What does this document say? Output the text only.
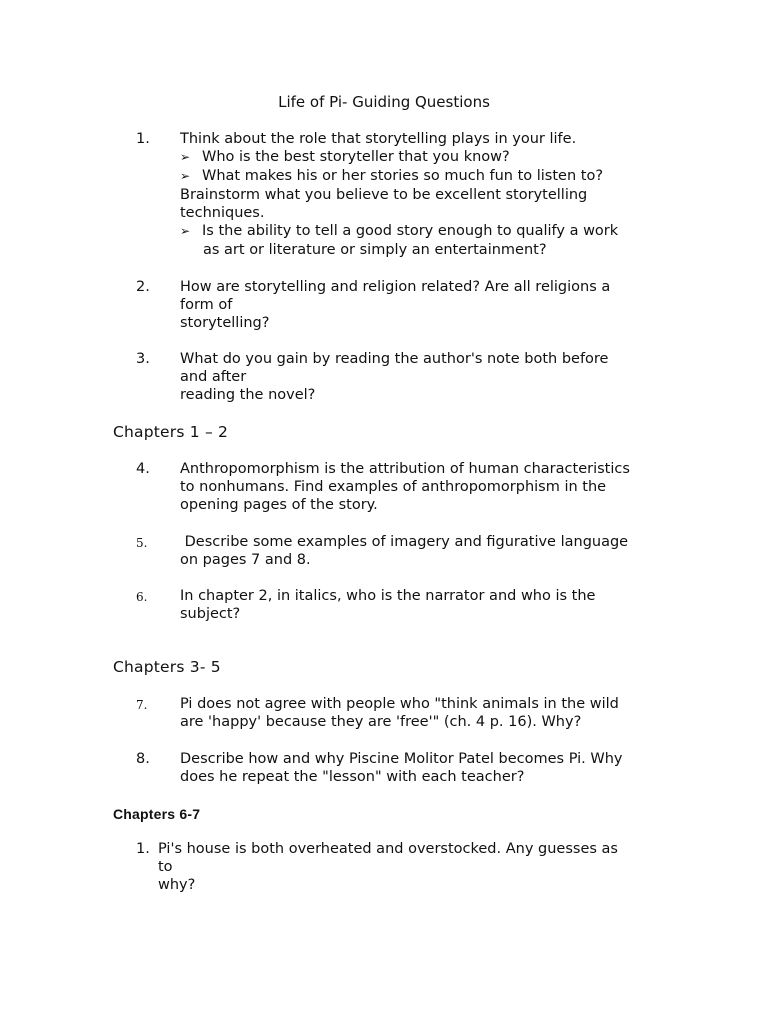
Life of Pi- Guiding Questions
1. Think about the role that storytelling plays in your life.
➢ Who is the best storyteller that you know?
➢ What makes his or her stories so much fun to listen to?
Brainstorm what you believe to be excellent storytelling
techniques.
➢ Is the ability to tell a good story enough to qualify a work
as art or literature or simply an entertainment?
2. How are storytelling and religion related? Are all religions a
form of
storytelling?
3. What do you gain by reading the author's note both before
and after
reading the novel?
Chapters 1 – 2
4. Anthropomorphism is the attribution of human characteristics
to nonhumans. Find examples of anthropomorphism in the
opening pages of the story.
5. Describe some examples of imagery and figurative language
on pages 7 and 8.
6. In chapter 2, in italics, who is the narrator and who is the
subject?
Chapters 3- 5
7. Pi does not agree with people who "think animals in the wild
are 'happy' because they are 'free'" (ch. 4 p. 16). Why?
8. Describe how and why Piscine Molitor Patel becomes Pi. Why
does he repeat the "lesson" with each teacher?
Chapters 6-7
1. Pi's house is both overheated and overstocked. Any guesses as
to
why?
